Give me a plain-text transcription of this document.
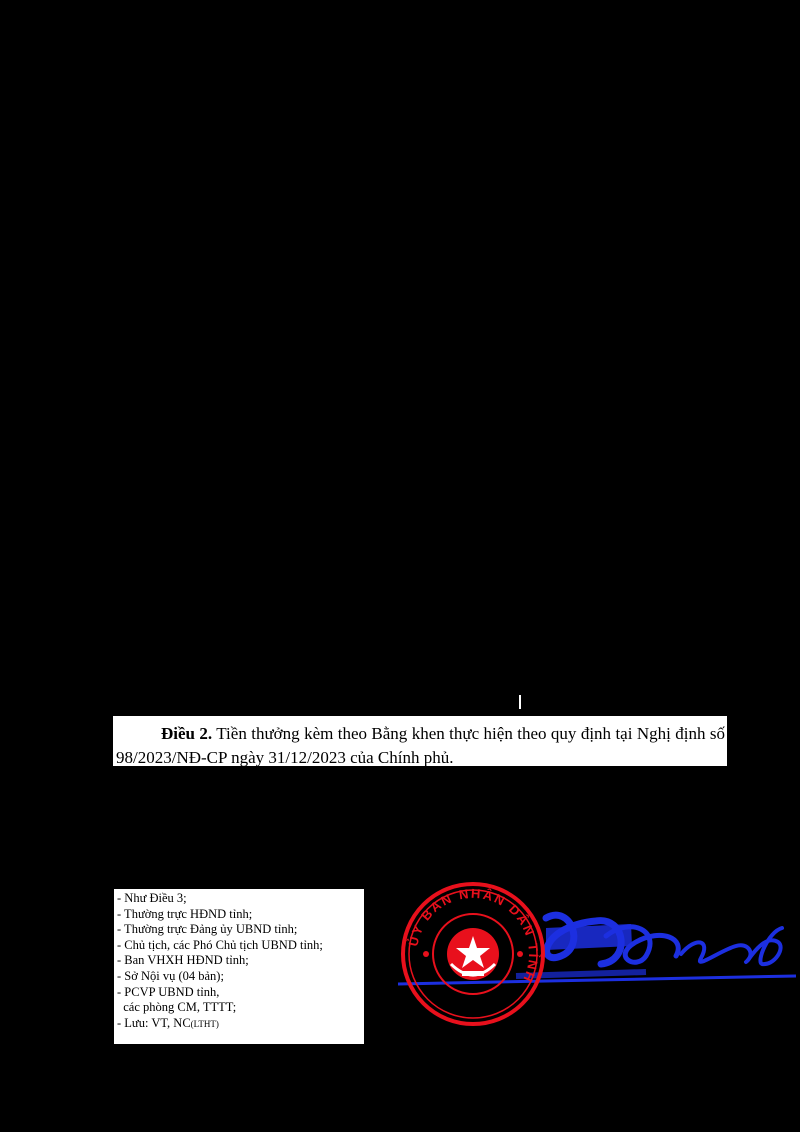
Điều 2. Tiền thưởng kèm theo Bằng khen thực hiện theo quy định tại Nghị định số 98/2023/NĐ-CP ngày 31/12/2023 của Chính phủ.
- Như Điều 3;
- Thường trực HĐND tỉnh;
- Thường trực Đảng ủy UBND tỉnh;
- Chủ tịch, các Phó Chủ tịch UBND tỉnh;
- Ban VHXH HĐND tỉnh;
- Sở Nội vụ (04 bản);
- PCVP UBND tỉnh,
các phòng CM, TTTT;
- Lưu: VT, NC(LTHT)
ỦY BAN NHÂN DÂN TỈNH
